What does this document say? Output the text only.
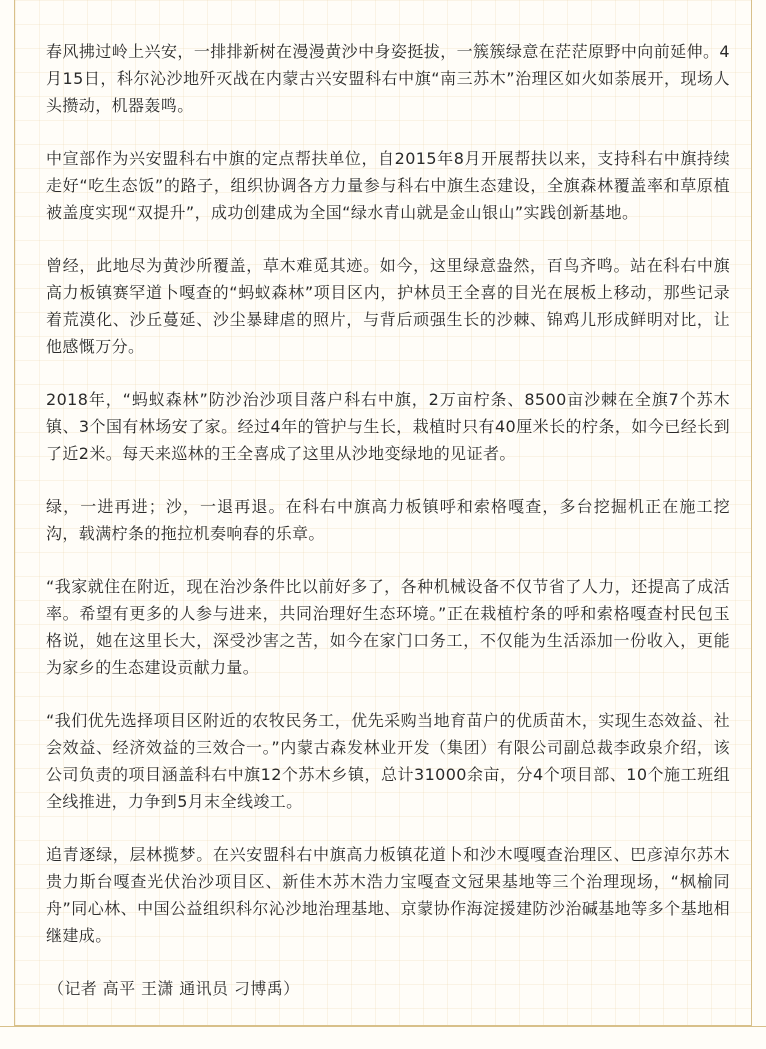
春风拂过岭上兴安，一排排新树在漫漫黄沙中身姿挺拔，一簇簇绿意在茫茫原野中向前延伸。4月15日，科尔沁沙地歼灭战在内蒙古兴安盟科右中旗“南三苏木”治理区如火如荼展开，现场人头攒动，机器轰鸣。

中宣部作为兴安盟科右中旗的定点帮扶单位，自2015年8月开展帮扶以来，支持科右中旗持续走好“吃生态饭”的路子，组织协调各方力量参与科右中旗生态建设，全旗森林覆盖率和草原植被盖度实现“双提升”，成功创建成为全国“绿水青山就是金山银山”实践创新基地。

曾经，此地尽为黄沙所覆盖，草木难觅其迹。如今，这里绿意盎然，百鸟齐鸣。站在科右中旗高力板镇赛罕道卜嘎查的“蚂蚁森林”项目区内，护林员王全喜的目光在展板上移动，那些记录着荒漠化、沙丘蔓延、沙尘暴肆虐的照片，与背后顽强生长的沙棘、锦鸡儿形成鲜明对比，让他感慨万分。

2018年，“蚂蚁森林”防沙治沙项目落户科右中旗，2万亩柠条、8500亩沙棘在全旗7个苏木镇、3个国有林场安了家。经过4年的管护与生长，栽植时只有40厘米长的柠条，如今已经长到了近2米。每天来巡林的王全喜成了这里从沙地变绿地的见证者。

绿，一进再进；沙，一退再退。在科右中旗高力板镇呼和索格嘎查，多台挖掘机正在施工挖沟，载满柠条的拖拉机奏响春的乐章。

“我家就住在附近，现在治沙条件比以前好多了，各种机械设备不仅节省了人力，还提高了成活率。希望有更多的人参与进来，共同治理好生态环境。”正在栽植柠条的呼和索格嘎查村民包玉格说，她在这里长大，深受沙害之苦，如今在家门口务工，不仅能为生活添加一份收入，更能为家乡的生态建设贡献力量。

“我们优先选择项目区附近的农牧民务工，优先采购当地育苗户的优质苗木，实现生态效益、社会效益、经济效益的三效合一。”内蒙古森发林业开发（集团）有限公司副总裁李政泉介绍，该公司负责的项目涵盖科右中旗12个苏木乡镇，总计31000余亩，分4个项目部、10个施工班组全线推进，力争到5月末全线竣工。

追青逐绿，层林揽梦。在兴安盟科右中旗高力板镇花道卜和沙木嘎嘎查治理区、巴彦淖尔苏木贵力斯台嘎查光伏治沙项目区、新佳木苏木浩力宝嘎查文冠果基地等三个治理现场，“枫榆同舟”同心林、中国公益组织科尔沁沙地治理基地、京蒙协作海淀援建防沙治碱基地等多个基地相继建成。

（记者 高平 王潇 通讯员 刁博禹）
